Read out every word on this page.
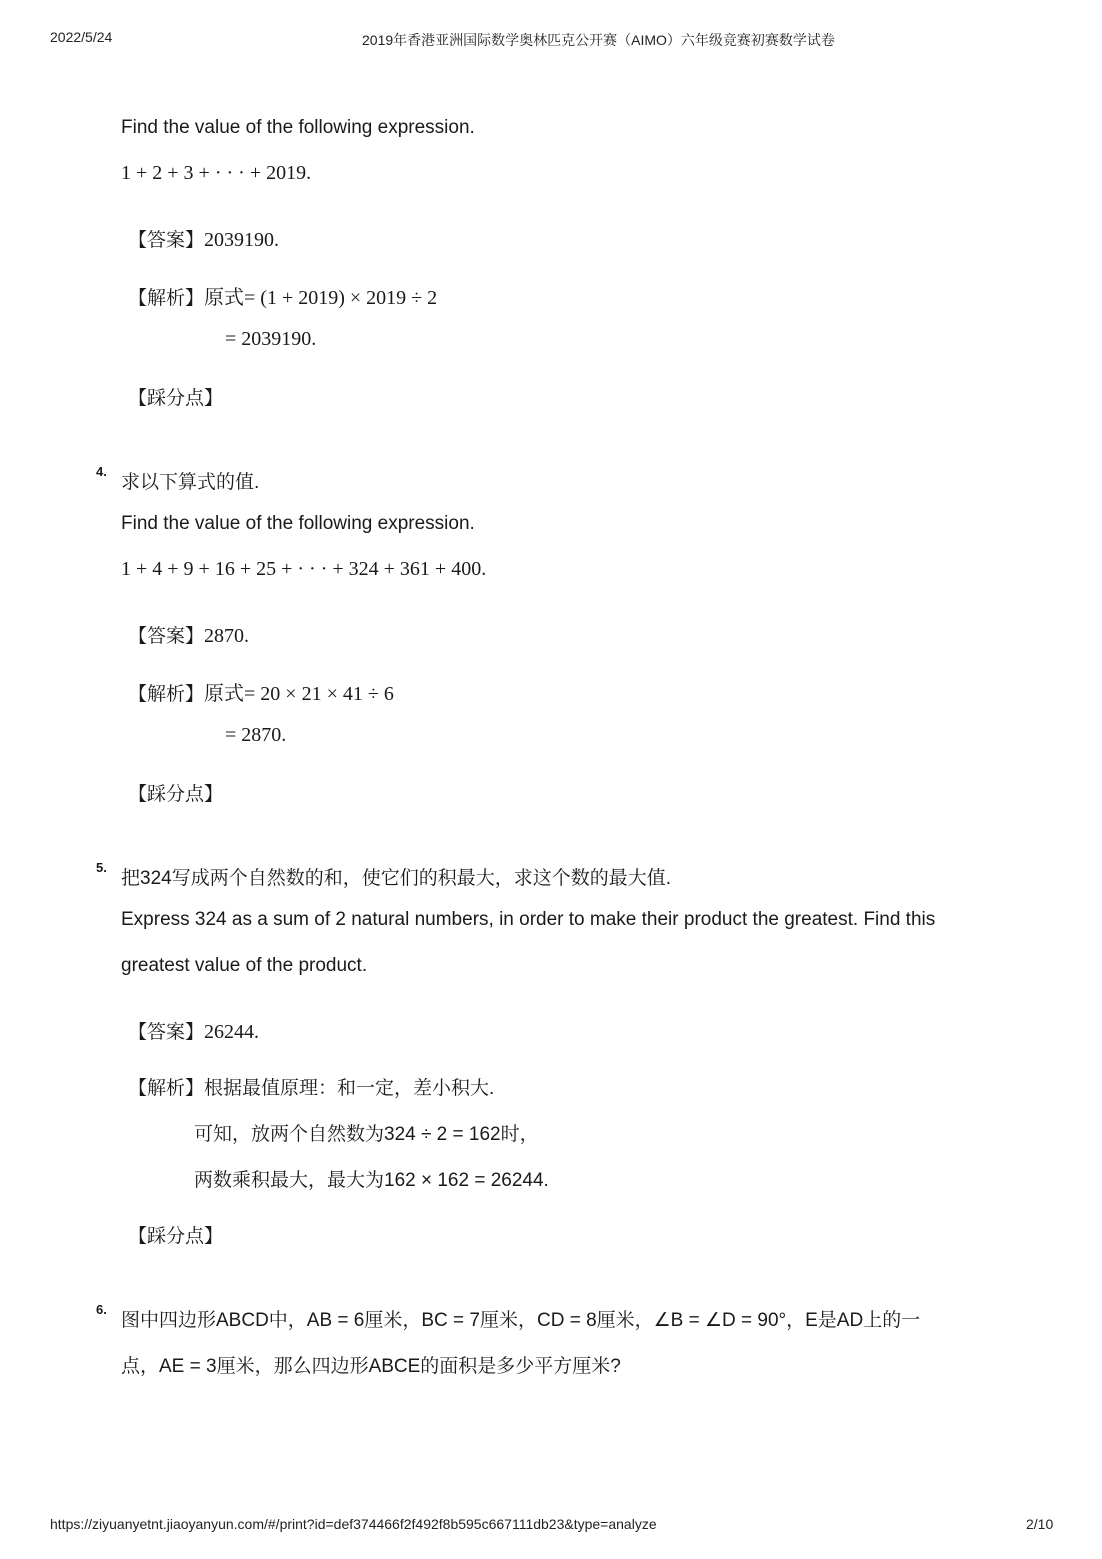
2022/5/24	2019年香港亚洲国际数学奥林匹克公开赛（AIMO）六年级竞赛初赛数学试卷
Find the value of the following expression.
1 + 2 + 3 + · · · + 2019.
【答案】2039190.
【解析】原式= (1 + 2019) × 2019 ÷ 2
= 2039190.
【踩分点】
4.
求以下算式的值.
Find the value of the following expression.
1 + 4 + 9 + 16 + 25 + · · · + 324 + 361 + 400.
【答案】2870.
【解析】原式= 20 × 21 × 41 ÷ 6
= 2870.
【踩分点】
5.
把324写成两个自然数的和，使它们的积最大，求这个数的最大值.
Express 324 as a sum of 2 natural numbers, in order to make their product the greatest. Find this
greatest value of the product.
【答案】26244.
【解析】根据最值原理：和一定，差小积大.
可知，放两个自然数为324 ÷ 2 = 162时，
两数乘积最大，最大为162 × 162 = 26244.
【踩分点】
6.
图中四边形ABCD中，AB = 6厘米，BC = 7厘米，CD = 8厘米，∠B = ∠D = 90°，E是AD上的一
点，AE = 3厘米，那么四边形ABCE的面积是多少平方厘米?
https://ziyuanyetnt.jiaoyanyun.com/#/print?id=def374466f2f492f8b595c667111db23&type=analyze	2/10
